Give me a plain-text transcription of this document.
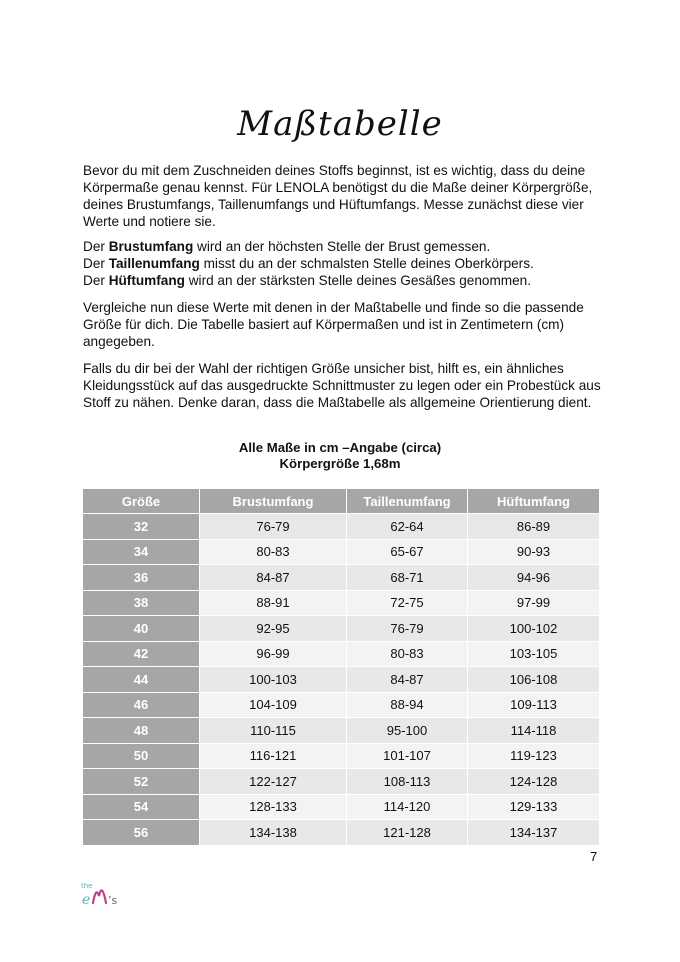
Maßtabelle

Bevor du mit dem Zuschneiden deines Stoffs beginnst, ist es wichtig, dass du deine Körpermaße genau kennst. Für LENOLA benötigst du die Maße deiner Körpergröße, deines Brustumfangs, Taillenumfangs und Hüftumfangs. Messe zunächst diese vier Werte und notiere sie.

Der Brustumfang wird an der höchsten Stelle der Brust gemessen.
Der Taillenumfang misst du an der schmalsten Stelle deines Oberkörpers.
Der Hüftumfang wird an der stärksten Stelle deines Gesäßes genommen.

Vergleiche nun diese Werte mit denen in der Maßtabelle und finde so die passende Größe für dich. Die Tabelle basiert auf Körpermaßen und ist in Zentimetern (cm) angegeben.

Falls du dir bei der Wahl der richtigen Größe unsicher bist, hilft es, ein ähnliches Kleidungsstück auf das ausgedruckte Schnittmuster zu legen oder ein Probestück aus Stoff zu nähen. Denke daran, dass die Maßtabelle als allgemeine Orientierung dient.

Alle Maße in cm –Angabe (circa)
Körpergröße 1,68m
Größe	Brustumfang	Taillenumfang	Hüftumfang
32	76-79	62-64	86-89
34	80-83	65-67	90-93
36	84-87	68-71	94-96
38	88-91	72-75	97-99
40	92-95	76-79	100-102
42	96-99	80-83	103-105
44	100-103	84-87	106-108
46	104-109	88-94	109-113
48	110-115	95-100	114-118
50	116-121	101-107	119-123
52	122-127	108-113	124-128
54	128-133	114-120	129-133
56	134-138	121-128	134-137
7
the
e ’s
